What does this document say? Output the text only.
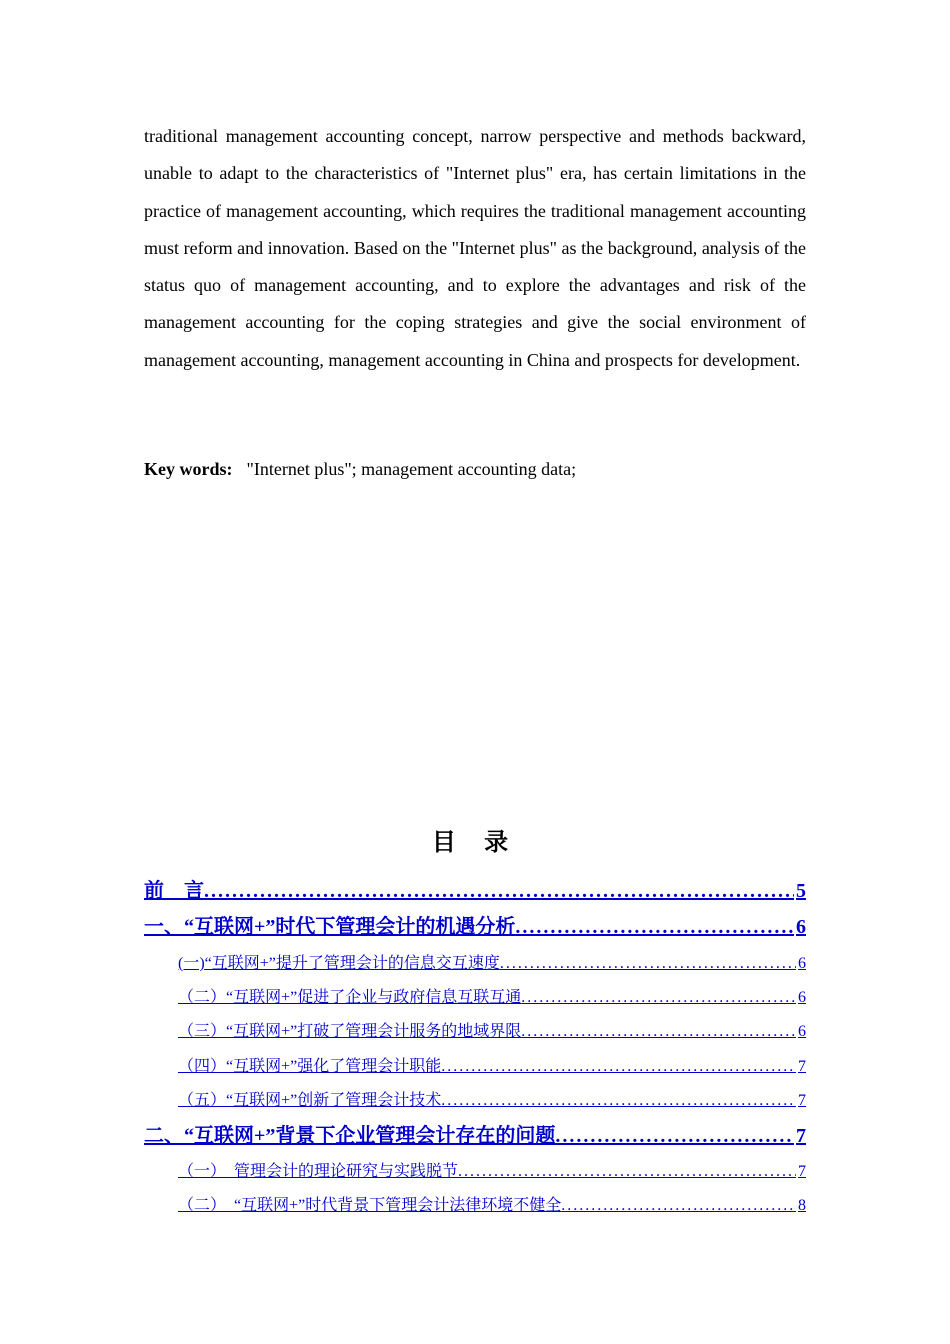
traditional management accounting concept, narrow perspective and methods backward, unable to adapt to the characteristics of "Internet plus" era, has certain limitations in the practice of management accounting, which requires the traditional management accounting must reform and innovation. Based on the "Internet plus" as the background, analysis of the status quo of management accounting, and to explore the advantages and risk of the management accounting for the coping strategies and give the social environment of management accounting, management accounting in China and prospects for development.

Key words: "Internet plus"; management accounting data;

目 录
前　言 .....	5
一、“互联网+”时代下管理会计的机遇分析 .....	6
(一)“互联网+”提升了管理会计的信息交互速度 .....	6
（二）“互联网+”促进了企业与政府信息互联互通 .....	6
（三）“互联网+”打破了管理会计服务的地域界限 .....	6
（四）“互联网+”强化了管理会计职能 .....	7
（五）“互联网+”创新了管理会计技术 .....	7
二、“互联网+”背景下企业管理会计存在的问题 .....	7
（一）　管理会计的理论研究与实践脱节 .....	7
（二）　“互联网+”时代背景下管理会计法律环境不健全 .....	8
